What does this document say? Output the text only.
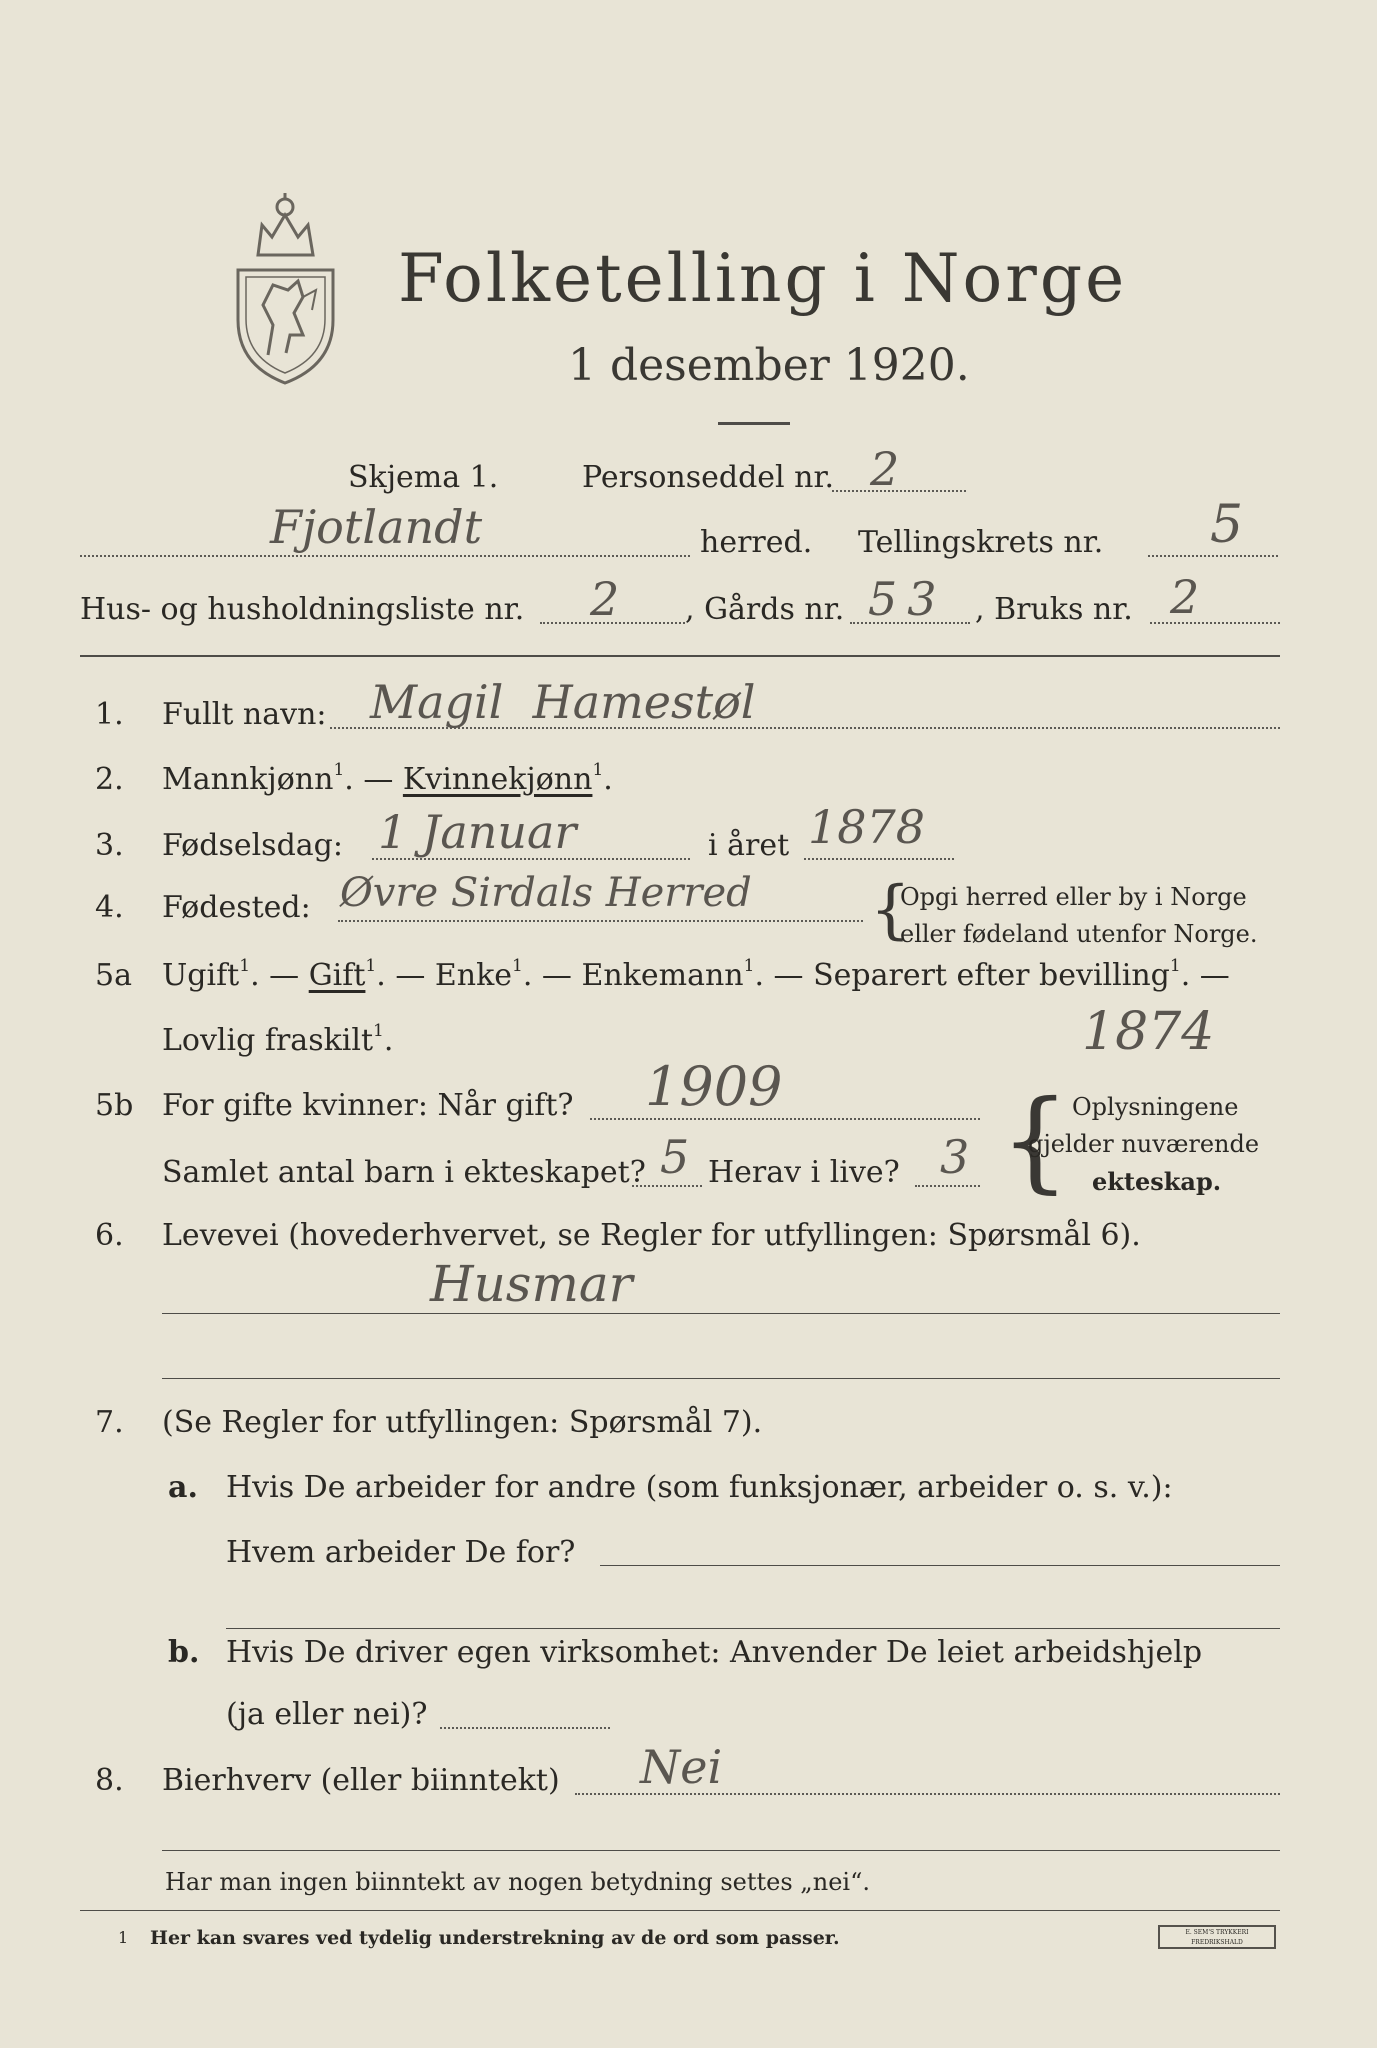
Folketelling i Norge
1 desember 1920.
Skjema 1.	Personseddel nr. 2
Fjotlandt	herred. Tellingskrets nr. 5
Hus- og husholdningsliste nr. 2 , Gårds nr. 53 , Bruks nr. 2
1. Fullt navn: Magil  Hamestøl
2. Mannkjønn$^1$. — Kvinnekjønn$^1$.
3. Fødselsdag: 1 Januar	i året 1878
4. Fødested: Øvre Sirdals Herred {
Opgi herred eller by i Norge
eller fødeland utenfor Norge.
5a Ugift$^1$. — Gift$^1$. — Enke$^1$. — Enkemann$^1$. — Separert efter bevilling$^1$. —
Lovlig fraskilt$^1$.	1874
5b For gifte kvinner: Når gift? 1909
Samlet antal barn i ekteskapet? 5 Herav i live? 3 { Oplysningene
gjelder nuværende
ekteskap.
6. Levevei (hovederhvervet, se Regler for utfyllingen: Spørsmål 6).
Husmar
7. (Se Regler for utfyllingen: Spørsmål 7).
a. Hvis De arbeider for andre (som funksjonær, arbeider o. s. v.):
Hvem arbeider De for?
b. Hvis De driver egen virksomhet: Anvender De leiet arbeidshjelp
(ja eller nei)?
8. Bierhverv (eller biinntekt) Nei
Har man ingen biinntekt av nogen betydning settes „nei“.
1 Her kan svares ved tydelig understrekning av de ord som passer.	E. SEM'S TRYKKERI FREDRIKSHALD
